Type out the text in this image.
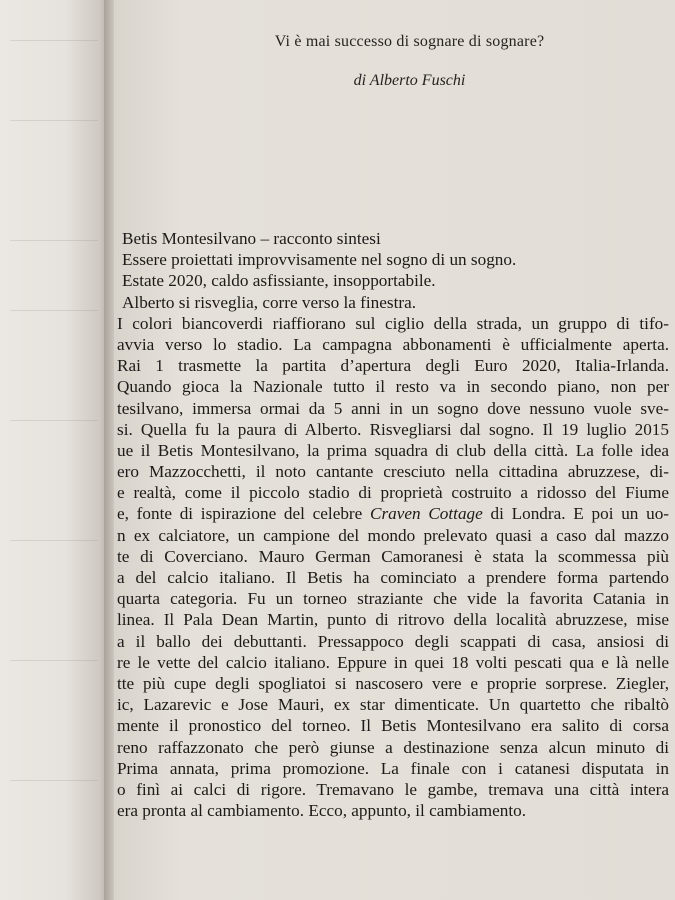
Vi è mai successo di sognare di sognare?
di Alberto Fuschi
Betis Montesilvano – racconto sintesi
Essere proiettati improvvisamente nel sogno di un sogno.
Estate 2020, caldo asfissiante, insopportabile.
Alberto si risveglia, corre verso la finestra.
I colori biancoverdi riaffiorano sul ciglio della strada, un gruppo di tifo-
avvia verso lo stadio. La campagna abbonamenti è ufficialmente aperta.
Rai 1 trasmette la partita d’apertura degli Euro 2020, Italia-Irlanda.
Quando gioca la Nazionale tutto il resto va in secondo piano, non per
tesilvano, immersa ormai da 5 anni in un sogno dove nessuno vuole sve-
si. Quella fu la paura di Alberto. Risvegliarsi dal sogno. Il 19 luglio 2015
ue il Betis Montesilvano, la prima squadra di club della città. La folle idea
ero Mazzocchetti, il noto cantante cresciuto nella cittadina abruzzese, di-
e realtà, come il piccolo stadio di proprietà costruito a ridosso del Fiume
e, fonte di ispirazione del celebre Craven Cottage di Londra. E poi un uo-
n ex calciatore, un campione del mondo prelevato quasi a caso dal mazzo
te di Coverciano. Mauro German Camoranesi è stata la scommessa più
a del calcio italiano. Il Betis ha cominciato a prendere forma partendo
quarta categoria. Fu un torneo straziante che vide la favorita Catania in
linea. Il Pala Dean Martin, punto di ritrovo della località abruzzese, mise
a il ballo dei debuttanti. Pressappoco degli scappati di casa, ansiosi di
re le vette del calcio italiano. Eppure in quei 18 volti pescati qua e là nelle
tte più cupe degli spogliatoi si nascosero vere e proprie sorprese. Ziegler,
ic, Lazarevic e Jose Mauri, ex star dimenticate. Un quartetto che ribaltò
mente il pronostico del torneo. Il Betis Montesilvano era salito di corsa
reno raffazzonato che però giunse a destinazione senza alcun minuto di
Prima annata, prima promozione. La finale con i catanesi disputata in
o finì ai calci di rigore. Tremavano le gambe, tremava una città intera
era pronta al cambiamento. Ecco, appunto, il cambiamento.
